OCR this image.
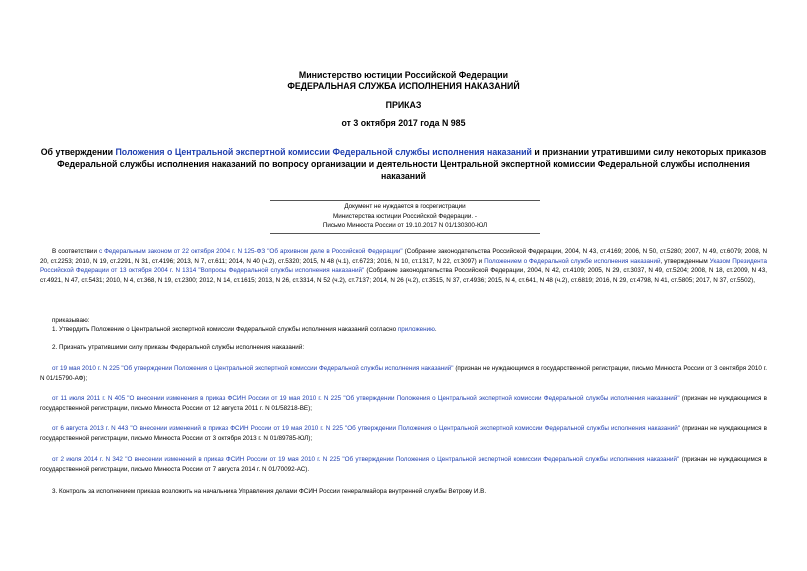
Министерство юстиции Российской Федерации
ФЕДЕРАЛЬНАЯ СЛУЖБА ИСПОЛНЕНИЯ НАКАЗАНИЙ
ПРИКАЗ
от 3 октября 2017 года N 985
Об утверждении Положения о Центральной экспертной комиссии Федеральной службы исполнения наказаний и признании утратившими силу некоторых приказов Федеральной службы исполнения наказаний по вопросу организации и деятельности Центральной экспертной комиссии Федеральной службы исполнения наказаний
Документ не нуждается в госрегистрации
Министерства юстиции Российской Федерации. -
Письмо Минюста России от 19.10.2017 N 01/130300-ЮЛ
В соответствии с Федеральным законом от 22 октября 2004 г. N 125-ФЗ "Об архивном деле в Российской Федерации" (Собрание законодательства Российской Федерации, 2004, N 43, ст.4169; 2006, N 50, ст.5280; 2007, N 49, ст.6079; 2008, N 20, ст.2253; 2010, N 19, ст.2291, N 31, ст.4196; 2013, N 7, ст.611; 2014, N 40 (ч.2), ст.5320; 2015, N 48 (ч.1), ст.6723; 2016, N 10, ст.1317, N 22, ст.3097) и Положением о Федеральной службе исполнения наказаний, утвержденным Указом Президента Российской Федерации от 13 октября 2004 г. N 1314 "Вопросы Федеральной службы исполнения наказаний" (Собрание законодательства Российской Федерации, 2004, N 42, ст.4109; 2005, N 29, ст.3037, N 49, ст.5204; 2008, N 18, ст.2009, N 43, ст.4921, N 47, ст.5431; 2010, N 4, ст.368, N 19, ст.2300; 2012, N 14, ст.1615; 2013, N 26, ст.3314, N 52 (ч.2), ст.7137; 2014, N 26 (ч.2), ст.3515, N 37, ст.4936; 2015, N 4, ст.641, N 48 (ч.2), ст.6819; 2016, N 29, ст.4798, N 41, ст.5805; 2017, N 37, ст.5502),
приказываю:
1. Утвердить Положение о Центральной экспертной комиссии Федеральной службы исполнения наказаний согласно приложению.
2. Признать утратившими силу приказы Федеральной службы исполнения наказаний:
от 19 мая 2010 г. N 225 "Об утверждении Положения о Центральной экспертной комиссии Федеральной службы исполнения наказаний" (признан не нуждающимся в государственной регистрации, письмо Минюста России от 3 сентября 2010 г. N 01/15790-АФ);
от 11 июля 2011 г. N 405 "О внесении изменения в приказ ФСИН России от 19 мая 2010 г. N 225 "Об утверждении Положения о Центральной экспертной комиссии Федеральной службы исполнения наказаний" (признан не нуждающимся в государственной регистрации, письмо Минюста России от 12 августа 2011 г. N 01/58218-ВЕ);
от 6 августа 2013 г. N 443 "О внесении изменений в приказ ФСИН России от 19 мая 2010 г. N 225 "Об утверждении Положения о Центральной экспертной комиссии Федеральной службы исполнения наказаний" (признан не нуждающимся в государственной регистрации, письмо Минюста России от 3 октября 2013 г. N 01/89785-ЮЛ);
от 2 июля 2014 г. N 342 "О внесении изменений в приказ ФСИН России от 19 мая 2010 г. N 225 "Об утверждении Положения о Центральной экспертной комиссии Федеральной службы исполнения наказаний" (признан не нуждающимся в государственной регистрации, письмо Минюста России от 7 августа 2014 г. N 01/70092-АС).
3. Контроль за исполнением приказа возложить на начальника Управления делами ФСИН России генералмайора внутренней службы Ветрову И.В.
